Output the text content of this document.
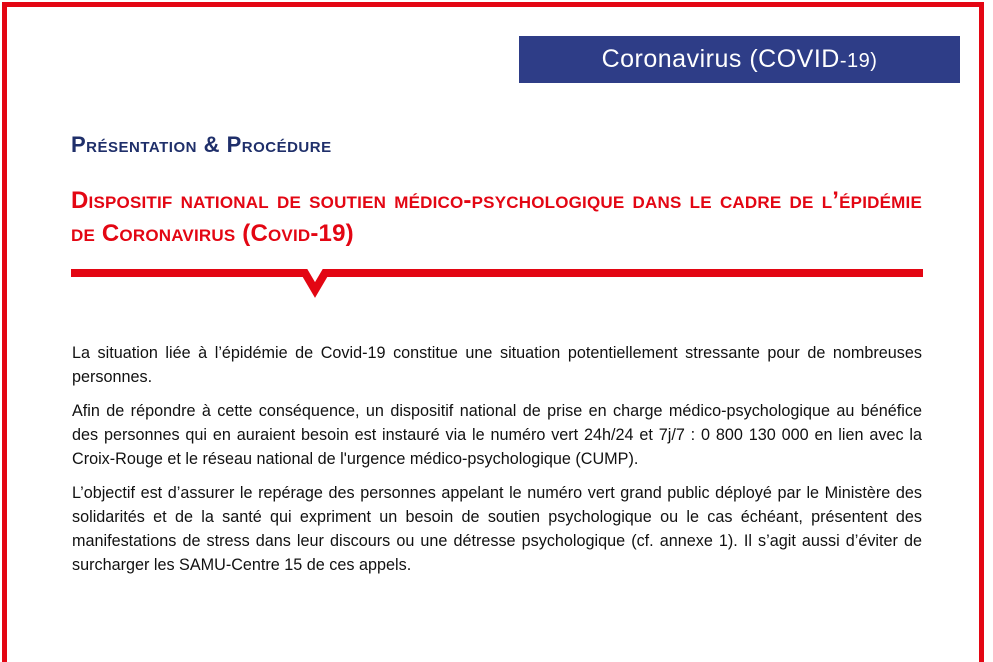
Coronavirus (COVID-19)
Présentation & Procédure
Dispositif national de soutien médico-psychologique dans le cadre de l’épidémie de Coronavirus (Covid-19)

La situation liée à l’épidémie de Covid-19 constitue une situation potentiellement stressante pour de nombreuses personnes.

Afin de répondre à cette conséquence, un dispositif national de prise en charge médico-psychologique au bénéfice des personnes qui en auraient besoin est instauré via le numéro vert 24h/24 et 7j/7 : 0 800 130 000 en lien avec la Croix-Rouge et le réseau national de l'urgence médico-psychologique (CUMP).

L’objectif est d’assurer le repérage des personnes appelant le numéro vert grand public déployé par le Ministère des solidarités et de la santé qui expriment un besoin de soutien psychologique ou le cas échéant, présentent des manifestations de stress dans leur discours ou une détresse psychologique (cf. annexe 1). Il s’agit aussi d’éviter de surcharger les SAMU-Centre 15 de ces appels.
